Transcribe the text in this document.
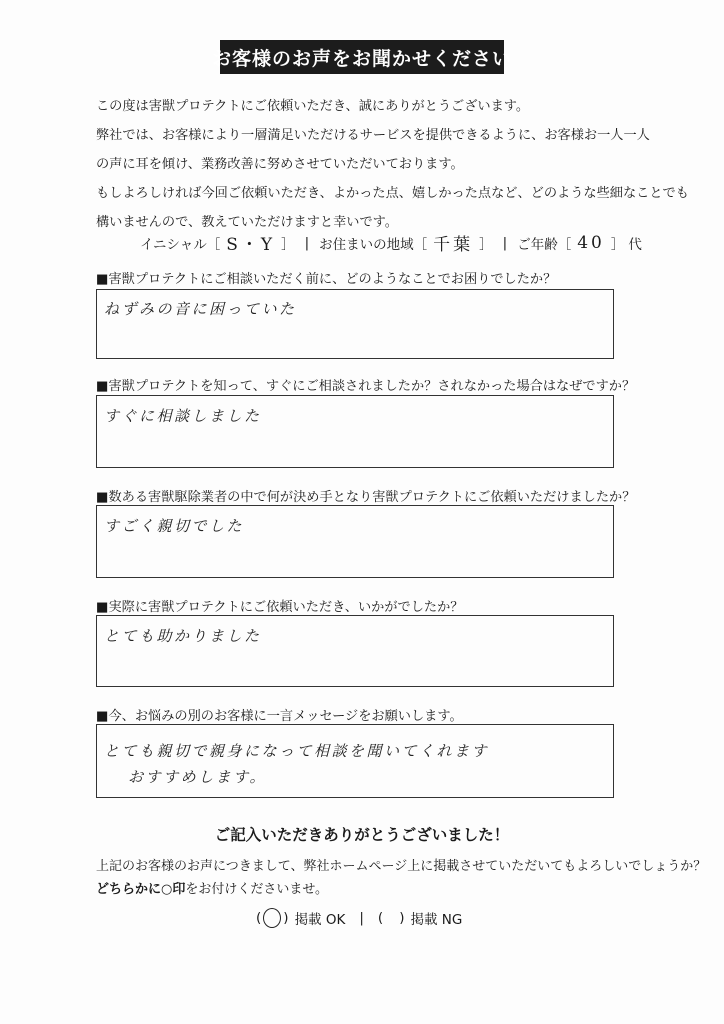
お客様のお声をお聞かせください

この度は害獣プロテクトにご依頼いただき、誠にありがとうございます。

弊社では、お客様により一層満足いただけるサービスを提供できるように、お客様お一人一人

の声に耳を傾け、業務改善に努めさせていただいております。

もしよろしければ今回ご依頼いただき、よかった点、嬉しかった点など、どのような些細なことでも

構いませんので、教えていただけますと幸いです。

イニシャル ［ S・Y ］ | お住まいの地域 ［ 千葉 ］ | ご年齢 ［ 40 ］ 代
■害獣プロテクトにご相談いただく前に、どのようなことでお困りでしたか？
ねずみの音に困っていた
■害獣プロテクトを知って、すぐにご相談されましたか？されなかった場合はなぜですか？
すぐに相談しました
■数ある害獣駆除業者の中で何が決め手となり害獣プロテクトにご依頼いただけましたか？
すごく親切でした
■実際に害獣プロテクトにご依頼いただき、いかがでしたか？
とても助かりました
■今、お悩みの別のお客様に一言メッセージをお願いします。
とても親切で親身になって相談を聞いてくれます
おすすめします。
ご記入いただきありがとうございました！
上記のお客様のお声につきまして、弊社ホームページ上に掲載させていただいてもよろしいでしょうか？
どちらかに○印をお付けくださいませ。
( ) 掲載 OK	|	(	) 掲載 NG
